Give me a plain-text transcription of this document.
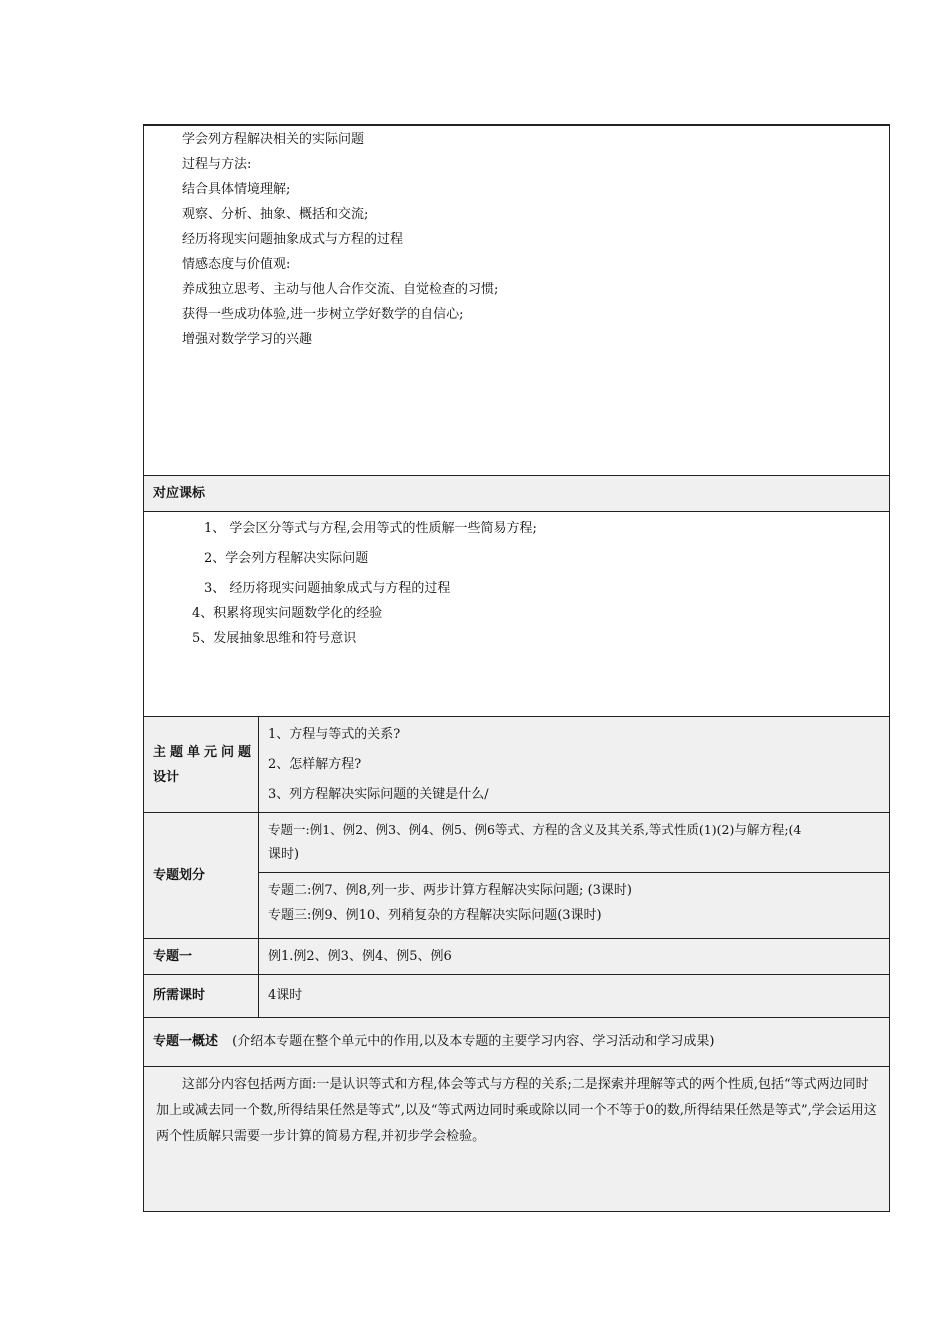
学会列方程解决相关的实际问题
过程与方法:
结合具体情境理解;
观察、分析、抽象、概括和交流;
经历将现实问题抽象成式与方程的过程
情感态度与价值观:
养成独立思考、主动与他人合作交流、自觉检查的习惯;
获得一些成功体验,进一步树立学好数学的自信心;
增强对数学学习的兴趣
对应课标
1、 学会区分等式与方程,会用等式的性质解一些简易方程;
2、学会列方程解决实际问题
3、 经历将现实问题抽象成式与方程的过程
4、积累将现实问题数学化的经验
5、发展抽象思维和符号意识
主题单元问题
设计
1、方程与等式的关系?
2、怎样解方程?
3、列方程解决实际问题的关键是什么/
专题划分
专题一:例1、例2、例3、例4、例5、例6等式、方程的含义及其关系,等式性质(1)(2)与解方程;(4
课时)
专题二:例7、例8,列一步、两步计算方程解决实际问题; (3课时)
专题三:例9、例10、列稍复杂的方程解决实际问题(3课时)
专题一	例1.例2、例3、例4、例5、例6
所需课时	4课时
专题一概述 (介绍本专题在整个单元中的作用,以及本专题的主要学习内容、学习活动和学习成果)
这部分内容包括两方面:一是认识等式和方程,体会等式与方程的关系;二是探索并理解等式的两个性质,包括“等式两边同时加上或减去同一个数,所得结果任然是等式”,以及“等式两边同时乘或除以同一个不等于0的数,所得结果任然是等式”,学会运用这两个性质解只需要一步计算的简易方程,并初步学会检验。
